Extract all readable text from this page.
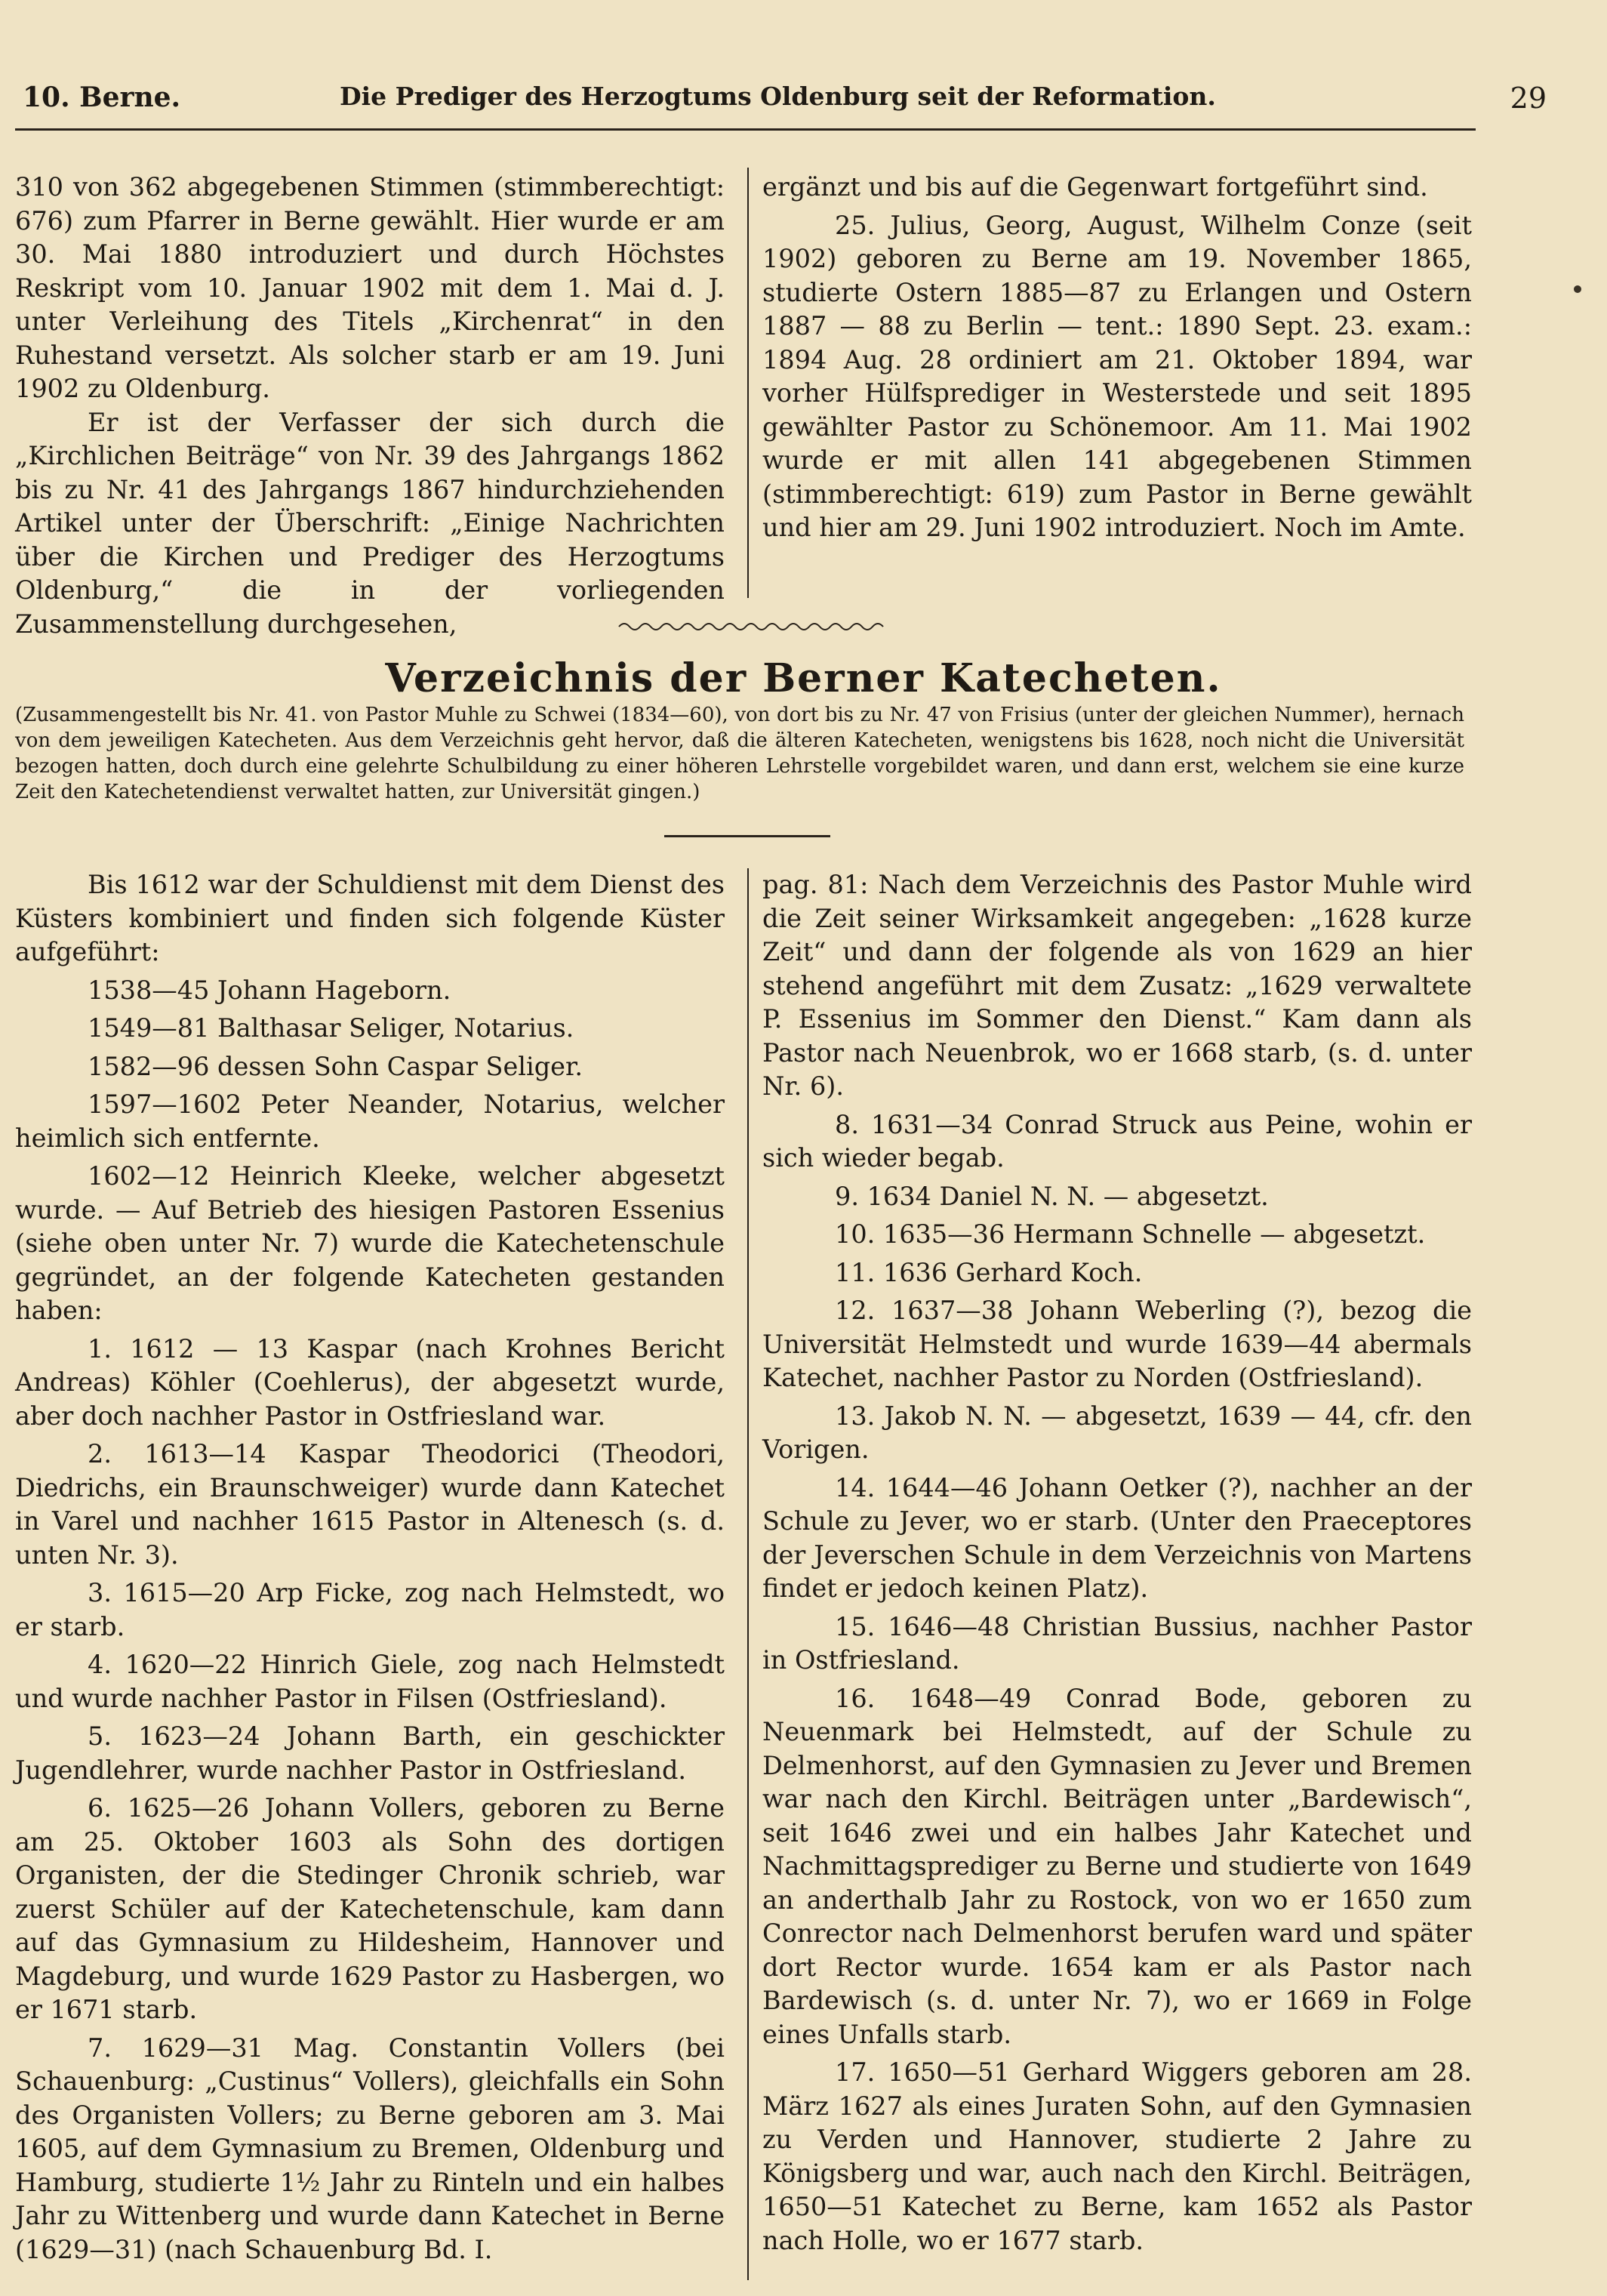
10. Berne.	Die Prediger des Herzogtums Oldenburg seit der Reformation.	29

310 von 362 abgegebenen Stimmen (stimmberechtigt: 676) zum Pfarrer in Berne gewählt. Hier wurde er am 30. Mai 1880 introduziert und durch Höchstes Reskript vom 10. Januar 1902 mit dem 1. Mai d. J. unter Verleihung des Titels „Kirchenrat“ in den Ruhestand versetzt. Als solcher starb er am 19. Juni 1902 zu Oldenburg.

Er ist der Verfasser der sich durch die „Kirchlichen Beiträge“ von Nr. 39 des Jahrgangs 1862 bis zu Nr. 41 des Jahrgangs 1867 hindurchziehenden Artikel unter der Überschrift: „Einige Nachrichten über die Kirchen und Prediger des Herzogtums Oldenburg,“ die in der vorliegenden Zusammenstellung durchgesehen,

ergänzt und bis auf die Gegenwart fortgeführt sind.

25. Julius, Georg, August, Wilhelm Conze (seit 1902) geboren zu Berne am 19. November 1865, studierte Ostern 1885—87 zu Erlangen und Ostern 1887 — 88 zu Berlin — tent.: 1890 Sept. 23. exam.: 1894 Aug. 28 ordiniert am 21. Oktober 1894, war vorher Hülfsprediger in Westerstede und seit 1895 gewählter Pastor zu Schönemoor. Am 11. Mai 1902 wurde er mit allen 141 abgegebenen Stimmen (stimmberechtigt: 619) zum Pastor in Berne gewählt und hier am 29. Juni 1902 introduziert. Noch im Amte.

Verzeichnis der Berner Katecheten.
(Zusammengestellt bis Nr. 41. von Pastor Muhle zu Schwei (1834—60), von dort bis zu Nr. 47 von Frisius (unter der gleichen Nummer), hernach von dem jeweiligen Katecheten. Aus dem Verzeichnis geht hervor, daß die älteren Katecheten, wenigstens bis 1628, noch nicht die Universität bezogen hatten, doch durch eine gelehrte Schulbildung zu einer höheren Lehrstelle vorgebildet waren, und dann erst, welchem sie eine kurze Zeit den Katechetendienst verwaltet hatten, zur Universität gingen.)

Bis 1612 war der Schuldienst mit dem Dienst des Küsters kombiniert und finden sich folgende Küster aufgeführt:

1538—45 Johann Hageborn.

1549—81 Balthasar Seliger, Notarius.

1582—96 dessen Sohn Caspar Seliger.

1597—1602 Peter Neander, Notarius, welcher heimlich sich entfernte.

1602—12 Heinrich Kleeke, welcher abgesetzt wurde. — Auf Betrieb des hiesigen Pastoren Essenius (siehe oben unter Nr. 7) wurde die Katechetenschule gegründet, an der folgende Katecheten gestanden haben:

1. 1612 — 13 Kaspar (nach Krohnes Bericht Andreas) Köhler (Coehlerus), der abgesetzt wurde, aber doch nachher Pastor in Ostfriesland war.

2. 1613—14 Kaspar Theodorici (Theodori, Diedrichs, ein Braunschweiger) wurde dann Katechet in Varel und nachher 1615 Pastor in Altenesch (s. d. unten Nr. 3).

3. 1615—20 Arp Ficke, zog nach Helmstedt, wo er starb.

4. 1620—22 Hinrich Giele, zog nach Helmstedt und wurde nachher Pastor in Filsen (Ostfriesland).

5. 1623—24 Johann Barth, ein geschickter Jugendlehrer, wurde nachher Pastor in Ostfriesland.

6. 1625—26 Johann Vollers, geboren zu Berne am 25. Oktober 1603 als Sohn des dortigen Organisten, der die Stedinger Chronik schrieb, war zuerst Schüler auf der Katechetenschule, kam dann auf das Gymnasium zu Hildesheim, Hannover und Magdeburg, und wurde 1629 Pastor zu Hasbergen, wo er 1671 starb.

7. 1629—31 Mag. Constantin Vollers (bei Schauenburg: „Custinus“ Vollers), gleichfalls ein Sohn des Organisten Vollers; zu Berne geboren am 3. Mai 1605, auf dem Gymnasium zu Bremen, Oldenburg und Hamburg, studierte 1½ Jahr zu Rinteln und ein halbes Jahr zu Wittenberg und wurde dann Katechet in Berne (1629—31) (nach Schauenburg Bd. I.

pag. 81: Nach dem Verzeichnis des Pastor Muhle wird die Zeit seiner Wirksamkeit angegeben: „1628 kurze Zeit“ und dann der folgende als von 1629 an hier stehend angeführt mit dem Zusatz: „1629 verwaltete P. Essenius im Sommer den Dienst.“ Kam dann als Pastor nach Neuenbrok, wo er 1668 starb, (s. d. unter Nr. 6).

8. 1631—34 Conrad Struck aus Peine, wohin er sich wieder begab.

9. 1634 Daniel N. N. — abgesetzt.

10. 1635—36 Hermann Schnelle — abgesetzt.

11. 1636 Gerhard Koch.

12. 1637—38 Johann Weberling (?), bezog die Universität Helmstedt und wurde 1639—44 abermals Katechet, nachher Pastor zu Norden (Ostfriesland).

13. Jakob N. N. — abgesetzt, 1639 — 44, cfr. den Vorigen.

14. 1644—46 Johann Oetker (?), nachher an der Schule zu Jever, wo er starb. (Unter den Praeceptores der Jeverschen Schule in dem Verzeichnis von Martens findet er jedoch keinen Platz).

15. 1646—48 Christian Bussius, nachher Pastor in Ostfriesland.

16. 1648—49 Conrad Bode, geboren zu Neuenmark bei Helmstedt, auf der Schule zu Delmenhorst, auf den Gymnasien zu Jever und Bremen war nach den Kirchl. Beiträgen unter „Bardewisch“, seit 1646 zwei und ein halbes Jahr Katechet und Nachmittagsprediger zu Berne und studierte von 1649 an anderthalb Jahr zu Rostock, von wo er 1650 zum Conrector nach Delmenhorst berufen ward und später dort Rector wurde. 1654 kam er als Pastor nach Bardewisch (s. d. unter Nr. 7), wo er 1669 in Folge eines Unfalls starb.

17. 1650—51 Gerhard Wiggers geboren am 28. März 1627 als eines Juraten Sohn, auf den Gymnasien zu Verden und Hannover, studierte 2 Jahre zu Königsberg und war, auch nach den Kirchl. Beiträgen, 1650—51 Katechet zu Berne, kam 1652 als Pastor nach Holle, wo er 1677 starb.
